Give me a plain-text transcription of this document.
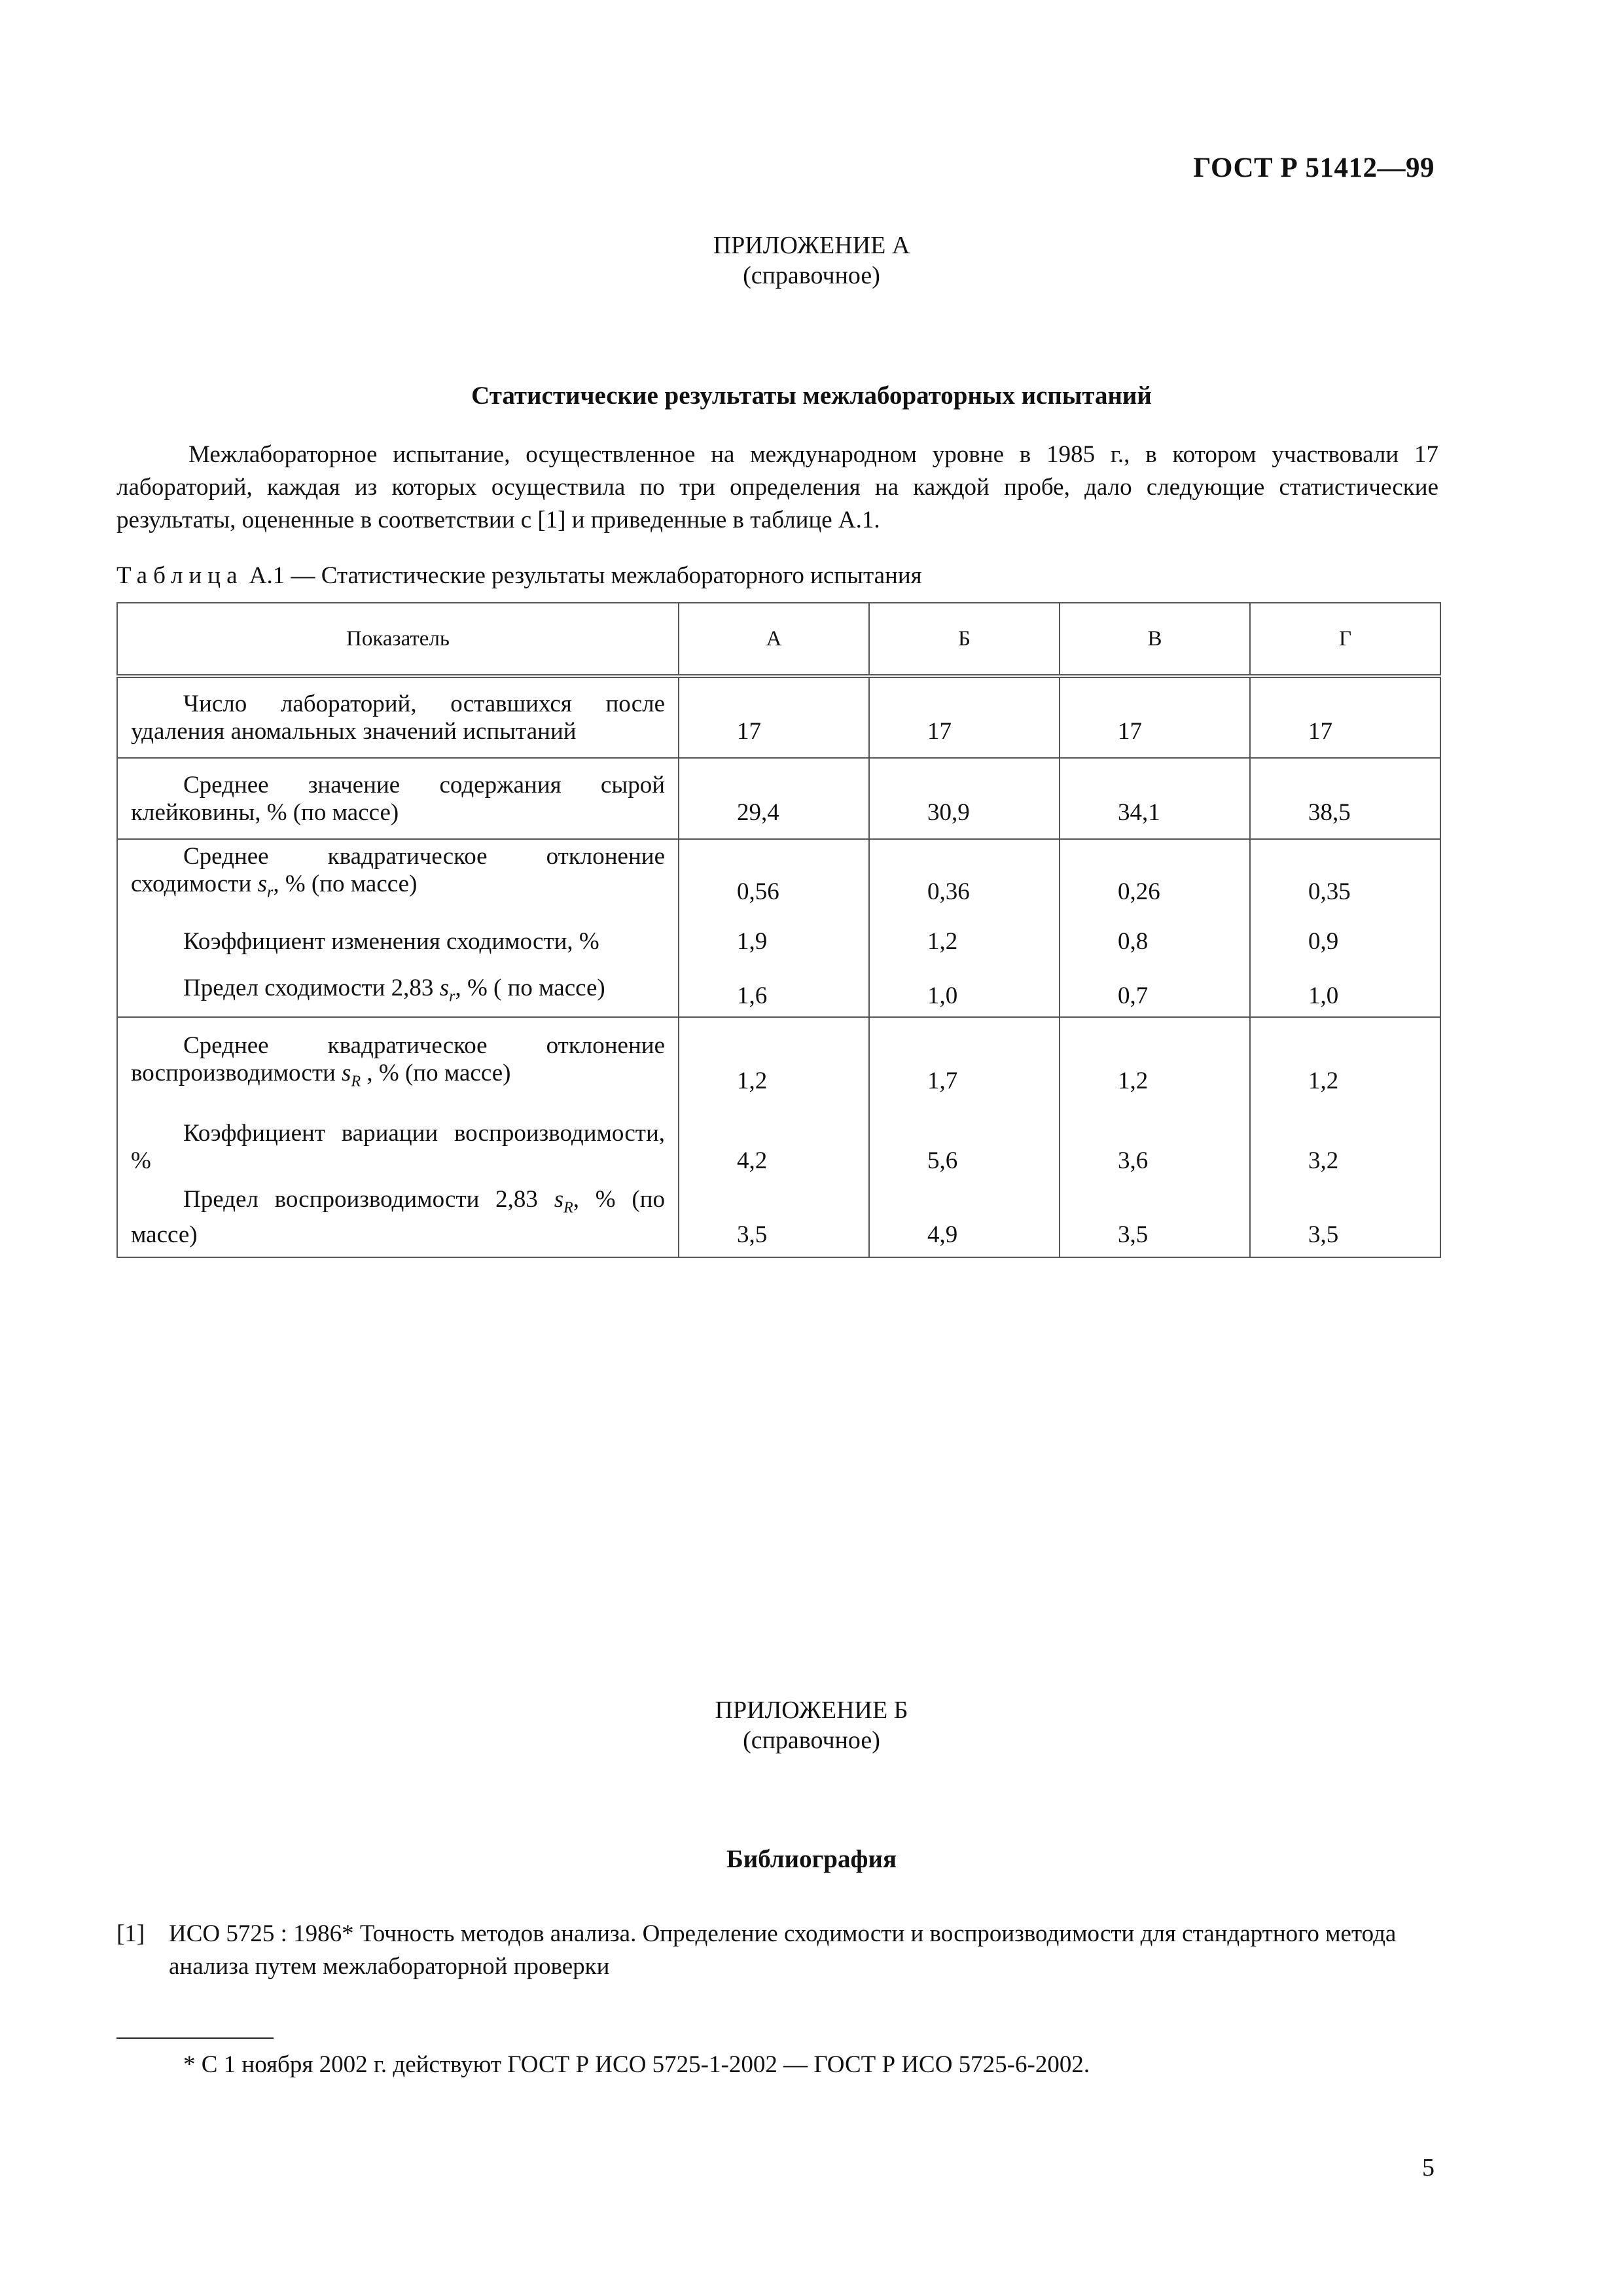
ГОСТ Р 51412—99
ПРИЛОЖЕНИЕ А
(справочное)
Статистические результаты межлабораторных испытаний
Межлабораторное испытание, осуществленное на международном уровне в 1985 г., в котором участвовали 17 лабораторий, каждая из которых осуществила по три определения на каждой пробе, дало следующие статистические результаты, оцененные в соответствии с [1] и приведенные в таблице А.1.
Таблица А.1 — Статистические результаты межлабораторного испытания
Показатель	А	Б	В	Г

Число лабораторий, оставшихся после удаления аномальных значений испытаний	17	17	17	17

Среднее значение содержания сырой клейковины, % (по массе)	29,4	30,9	34,1	38,5

Среднее квадратическое отклонение сходимости $s_r$, % (по массе)	0,56	0,36	0,26	0,35

Коэффициент изменения сходимости, %	1,9	1,2	0,8	0,9

Предел сходимости 2,83 $s_r$, % ( по массе)	1,6	1,0	0,7	1,0

Среднее квадратическое отклонение воспроизводимости $s_R$ , % (по массе)	1,2	1,7	1,2	1,2

Коэффициент вариации воспроизводимости, %	4,2	5,6	3,6	3,2

Предел воспроизводимости 2,83 $s_R$, % (по массе)	3,5	4,9	3,5	3,5
ПРИЛОЖЕНИЕ Б
(справочное)
Библиография
[1] ИСО 5725 : 1986* Точность методов анализа. Определение сходимости и воспроизводимости для стандартного метода анализа путем межлабораторной проверки
* С 1 ноября 2002 г. действуют ГОСТ Р ИСО 5725-1-2002 — ГОСТ Р ИСО 5725-6-2002.
5
